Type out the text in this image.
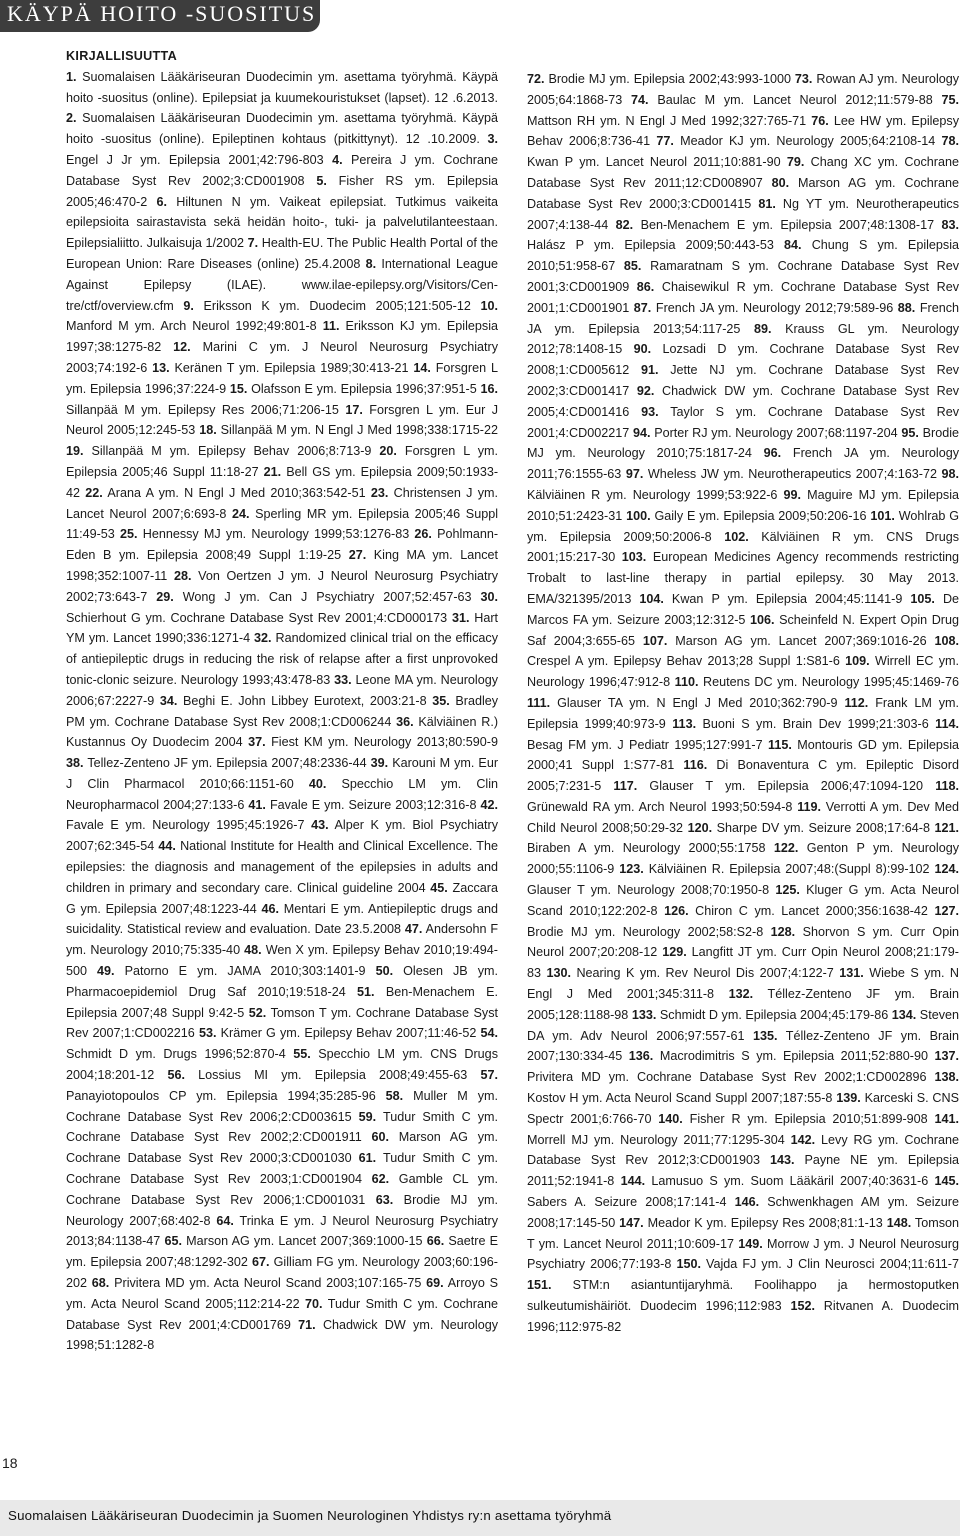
KÄYPÄ HOITO -SUOSITUS
KIRJALLISUUTTA
1. Suomalaisen Lääkäriseuran Duodecimin ym. asettama työryhmä. Käypä hoito -suositus (online). Epilepsiat ja kuumekouristukset (lapset). 12 .6.2013. 2. Suomalaisen Lääkäriseuran Duodecimin ym. asettama työryhmä. Käypä hoito -suositus (online). Epileptinen kohtaus (pitkittynyt). 12 .10.2009. 3. Engel J Jr ym. Epilepsia 2001;42:796-803 4. Pereira J ym. Cochrane Database Syst Rev 2002;3:CD001908 5. Fisher RS ym. Epilepsia 2005;46:470-2 6. Hiltunen N ym. Vaikeat epilepsiat. Tutkimus vaikeita epilepsioita sairastavista sekä heidän hoito-, tuki- ja palvelutilanteestaan. Epilepsialiitto. Julkaisuja 1/2002 7. Health-EU. The Public Health Portal of the European Union: Rare Diseases (online) 25.4.2008 8. International League Against Epilepsy (ILAE). www.ilae-epilepsy.org/Visitors/Centre/ctf/overview.cfm 9. Eriksson K ym. Duodecim 2005;121:505-12 10. Manford M ym. Arch Neurol 1992;49:801-8 11. Eriksson KJ ym. Epilepsia 1997;38:1275-82 12. Marini C ym. J Neurol Neurosurg Psychiatry 2003;74:192-6 13. Keränen T ym. Epilepsia 1989;30:413-21 14. Forsgren L ym. Epilepsia 1996;37:224-9 15. Olafsson E ym. Epilepsia 1996;37:951-5 16. Sillanpää M ym. Epilepsy Res 2006;71:206-15 17. Forsgren L ym. Eur J Neurol 2005;12:245-53 18. Sillanpää M ym. N Engl J Med 1998;338:1715-22 19. Sillanpää M ym. Epilepsy Behav 2006;8:713-9 20. Forsgren L ym. Epilepsia 2005;46 Suppl 11:18-27 21. Bell GS ym. Epilepsia 2009;50:1933-42 22. Arana A ym. N Engl J Med 2010;363:542-51 23. Christensen J ym. Lancet Neurol 2007;6:693-8 24. Sperling MR ym. Epilepsia 2005;46 Suppl 11:49-53 25. Hennessy MJ ym. Neurology 1999;53:1276-83 26. Pohlmann-Eden B ym. Epilepsia 2008;49 Suppl 1:19-25 27. King MA ym. Lancet 1998;352:1007-11 28. Von Oertzen J ym. J Neurol Neurosurg Psychiatry 2002;73:643-7 29. Wong J ym. Can J Psychiatry 2007;52:457-63 30. Schierhout G ym. Cochrane Database Syst Rev 2001;4:CD000173 31. Hart YM ym. Lancet 1990;336:1271-4 32. Randomized clinical trial on the efficacy of antiepileptic drugs in reducing the risk of relapse after a first unprovoked tonic-clonic seizure. Neurology 1993;43:478-83 33. Leone MA ym. Neurology 2006;67:2227-9 34. Beghi E. John Libbey Eurotext, 2003:21-8 35. Bradley PM ym. Cochrane Database Syst Rev 2008;1:CD006244 36. Kälviäinen R.) Kustannus Oy Duodecim 2004 37. Fiest KM ym. Neurology 2013;80:590-9 38. Tellez-Zenteno JF ym. Epilepsia 2007;48:2336-44 39. Karouni M ym. Eur J Clin Pharmacol 2010;66:1151-60 40. Specchio LM ym. Clin Neuropharmacol 2004;27:133-6 41. Favale E ym. Seizure 2003;12:316-8 42. Favale E ym. Neurology 1995;45:1926-7 43. Alper K ym. Biol Psychiatry 2007;62:345-54 44. National Institute for Health and Clinical Excellence. The epilepsies: the diagnosis and management of the epilepsies in adults and children in primary and secondary care. Clinical guideline 2004 45. Zaccara G ym. Epilepsia 2007;48:1223-44 46. Mentari E ym. Antiepileptic drugs and suicidality. Statistical review and evaluation. Date 23.5.2008 47. Andersohn F ym. Neurology 2010;75:335-40 48. Wen X ym. Epilepsy Behav 2010;19:494-500 49. Patorno E ym. JAMA 2010;303:1401-9 50. Olesen JB ym. Pharmacoepidemiol Drug Saf 2010;19:518-24 51. Ben-Menachem E. Epilepsia 2007;48 Suppl 9:42-5 52. Tomson T ym. Cochrane Database Syst Rev 2007;1:CD002216 53. Krämer G ym. Epilepsy Behav 2007;11:46-52 54. Schmidt D ym. Drugs 1996;52:870-4 55. Specchio LM ym. CNS Drugs 2004;18:201-12 56. Lossius MI ym. Epilepsia 2008;49:455-63 57. Panayiotopoulos CP ym. Epilepsia 1994;35:285-96 58. Muller M ym. Cochrane Database Syst Rev 2006;2:CD003615 59. Tudur Smith C ym. Cochrane Database Syst Rev 2002;2:CD001911 60. Marson AG ym. Cochrane Database Syst Rev 2000;3:CD001030 61. Tudur Smith C ym. Cochrane Database Syst Rev 2003;1:CD001904 62. Gamble CL ym. Cochrane Database Syst Rev 2006;1:CD001031 63. Brodie MJ ym. Neurology 2007;68:402-8 64. Trinka E ym. J Neurol Neurosurg Psychiatry 2013;84:1138-47 65. Marson AG ym. Lancet 2007;369:1000-15 66. Saetre E ym. Epilepsia 2007;48:1292-302 67. Gilliam FG ym. Neurology 2003;60:196-202 68. Privitera MD ym. Acta Neurol Scand 2003;107:165-75 69. Arroyo S ym. Acta Neurol Scand 2005;112:214-22 70. Tudur Smith C ym. Cochrane Database Syst Rev 2001;4:CD001769 71. Chadwick DW ym. Neurology 1998;51:1282-8
72. Brodie MJ ym. Epilepsia 2002;43:993-1000 73. Rowan AJ ym. Neurology 2005;64:1868-73 74. Baulac M ym. Lancet Neurol 2012;11:579-88 75. Mattson RH ym. N Engl J Med 1992;327:765-71 76. Lee HW ym. Epilepsy Behav 2006;8:736-41 77. Meador KJ ym. Neurology 2005;64:2108-14 78. Kwan P ym. Lancet Neurol 2011;10:881-90 79. Chang XC ym. Cochrane Database Syst Rev 2011;12:CD008907 80. Marson AG ym. Cochrane Database Syst Rev 2000;3:CD001415 81. Ng YT ym. Neurotherapeutics 2007;4:138-44 82. Ben-Menachem E ym. Epilepsia 2007;48:1308-17 83. Halász P ym. Epilepsia 2009;50:443-53 84. Chung S ym. Epilepsia 2010;51:958-67 85. Ramaratnam S ym. Cochrane Database Syst Rev 2001;3:CD001909 86. Chaisewikul R ym. Cochrane Database Syst Rev 2001;1:CD001901 87. French JA ym. Neurology 2012;79:589-96 88. French JA ym. Epilepsia 2013;54:117-25 89. Krauss GL ym. Neurology 2012;78:1408-15 90. Lozsadi D ym. Cochrane Database Syst Rev 2008;1:CD005612 91. Jette NJ ym. Cochrane Database Syst Rev 2002;3:CD001417 92. Chadwick DW ym. Cochrane Database Syst Rev 2005;4:CD001416 93. Taylor S ym. Cochrane Database Syst Rev 2001;4:CD002217 94. Porter RJ ym. Neurology 2007;68:1197-204 95. Brodie MJ ym. Neurology 2010;75:1817-24 96. French JA ym. Neurology 2011;76:1555-63 97. Wheless JW ym. Neurotherapeutics 2007;4:163-72 98. Kälviäinen R ym. Neurology 1999;53:922-6 99. Maguire MJ ym. Epilepsia 2010;51:2423-31 100. Gaily E ym. Epilepsia 2009;50:206-16 101. Wohlrab G ym. Epilepsia 2009;50:2006-8 102. Kälviäinen R ym. CNS Drugs 2001;15:217-30 103. European Medicines Agency recommends restricting Trobalt to last-line therapy in partial epilepsy. 30 May 2013. EMA/321395/2013 104. Kwan P ym. Epilepsia 2004;45:1141-9 105. De Marcos FA ym. Seizure 2003;12:312-5 106. Scheinfeld N. Expert Opin Drug Saf 2004;3:655-65 107. Marson AG ym. Lancet 2007;369:1016-26 108. Crespel A ym. Epilepsy Behav 2013;28 Suppl 1:S81-6 109. Wirrell EC ym. Neurology 1996;47:912-8 110. Reutens DC ym. Neurology 1995;45:1469-76 111. Glauser TA ym. N Engl J Med 2010;362:790-9 112. Frank LM ym. Epilepsia 1999;40:973-9 113. Buoni S ym. Brain Dev 1999;21:303-6 114. Besag FM ym. J Pediatr 1995;127:991-7 115. Montouris GD ym. Epilepsia 2000;41 Suppl 1:S77-81 116. Di Bonaventura C ym. Epileptic Disord 2005;7:231-5 117. Glauser T ym. Epilepsia 2006;47:1094-120 118. Grünewald RA ym. Arch Neurol 1993;50:594-8 119. Verrotti A ym. Dev Med Child Neurol 2008;50:29-32 120. Sharpe DV ym. Seizure 2008;17:64-8 121. Biraben A ym. Neurology 2000;55:1758 122. Genton P ym. Neurology 2000;55:1106-9 123. Kälviäinen R. Epilepsia 2007;48:(Suppl 8):99-102 124. Glauser T ym. Neurology 2008;70:1950-8 125. Kluger G ym. Acta Neurol Scand 2010;122:202-8 126. Chiron C ym. Lancet 2000;356:1638-42 127. Brodie MJ ym. Neurology 2002;58:S2-8 128. Shorvon S ym. Curr Opin Neurol 2007;20:208-12 129. Langfitt JT ym. Curr Opin Neurol 2008;21:179-83 130. Nearing K ym. Rev Neurol Dis 2007;4:122-7 131. Wiebe S ym. N Engl J Med 2001;345:311-8 132. Téllez-Zenteno JF ym. Brain 2005;128:1188-98 133. Schmidt D ym. Epilepsia 2004;45:179-86 134. Steven DA ym. Adv Neurol 2006;97:557-61 135. Téllez-Zenteno JF ym. Brain 2007;130:334-45 136. Macrodimitris S ym. Epilepsia 2011;52:880-90 137. Privitera MD ym. Cochrane Database Syst Rev 2002;1:CD002896 138. Kostov H ym. Acta Neurol Scand Suppl 2007;187:55-8 139. Karceski S. CNS Spectr 2001;6:766-70 140. Fisher R ym. Epilepsia 2010;51:899-908 141. Morrell MJ ym. Neurology 2011;77:1295-304 142. Levy RG ym. Cochrane Database Syst Rev 2012;3:CD001903 143. Payne NE ym. Epilepsia 2011;52:1941-8 144. Lamusuo S ym. Suom Lääkäril 2007;40:3631-6 145. Sabers A. Seizure 2008;17:141-4 146. Schwenkhagen AM ym. Seizure 2008;17:145-50 147. Meador K ym. Epilepsy Res 2008;81:1-13 148. Tomson T ym. Lancet Neurol 2011;10:609-17 149. Morrow J ym. J Neurol Neurosurg Psychiatry 2006;77:193-8 150. Vajda FJ ym. J Clin Neurosci 2004;11:611-7 151. STM:n asiantuntijaryhmä. Foolihappo ja hermostoputken sulkeutumishäiriöt. Duodecim 1996;112:983 152. Ritvanen A. Duodecim 1996;112:975-82
18
Suomalaisen Lääkäriseuran Duodecimin ja Suomen Neurologinen Yhdistys ry:n asettama työryhmä
